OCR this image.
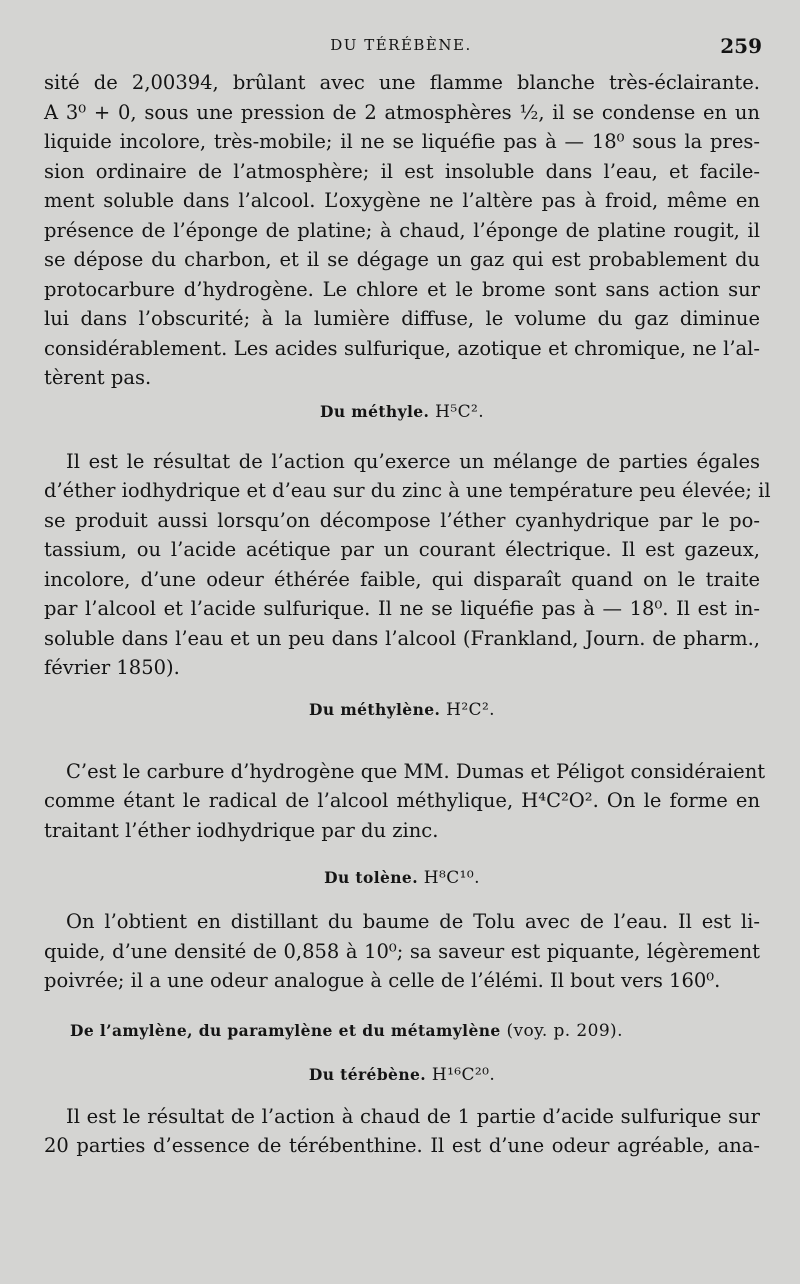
DU TÉRÉBÈNE.	259
sité de 2,00394, brûlant avec une flamme blanche très-éclairante.
A 3⁰ + 0, sous une pression de 2 atmosphères ½, il se condense en un
liquide incolore, très-mobile; il ne se liquéfie pas à — 18⁰ sous la pres-
sion ordinaire de l’atmosphère; il est insoluble dans l’eau, et facile-
ment soluble dans l’alcool. L’oxygène ne l’altère pas à froid, même en
présence de l’éponge de platine; à chaud, l’éponge de platine rougit, il
se dépose du charbon, et il se dégage un gaz qui est probablement du
protocarbure d’hydrogène. Le chlore et le brome sont sans action sur
lui dans l’obscurité; à la lumière diffuse, le volume du gaz diminue
considérablement. Les acides sulfurique, azotique et chromique, ne l’al-
tèrent pas.
Du méthyle. H⁵C².
Il est le résultat de l’action qu’exerce un mélange de parties égales
d’éther iodhydrique et d’eau sur du zinc à une température peu élevée; il
se produit aussi lorsqu’on décompose l’éther cyanhydrique par le po-
tassium, ou l’acide acétique par un courant électrique. Il est gazeux,
incolore, d’une odeur éthérée faible, qui disparaît quand on le traite
par l’alcool et l’acide sulfurique. Il ne se liquéfie pas à — 18⁰. Il est in-
soluble dans l’eau et un peu dans l’alcool (Frankland, Journ. de pharm.,
février 1850).
Du méthylène. H²C².
C’est le carbure d’hydrogène que MM. Dumas et Péligot considéraient
comme étant le radical de l’alcool méthylique, H⁴C²O². On le forme en
traitant l’éther iodhydrique par du zinc.
Du tolène. H⁸C¹⁰.
On l’obtient en distillant du baume de Tolu avec de l’eau. Il est li-
quide, d’une densité de 0,858 à 10⁰; sa saveur est piquante, légèrement
poivrée; il a une odeur analogue à celle de l’élémi. Il bout vers 160⁰.
De l’amylène, du paramylène et du métamylène (voy. p. 209).
Du térébène. H¹⁶C²⁰.
Il est le résultat de l’action à chaud de 1 partie d’acide sulfurique sur
20 parties d’essence de térébenthine. Il est d’une odeur agréable, ana-
